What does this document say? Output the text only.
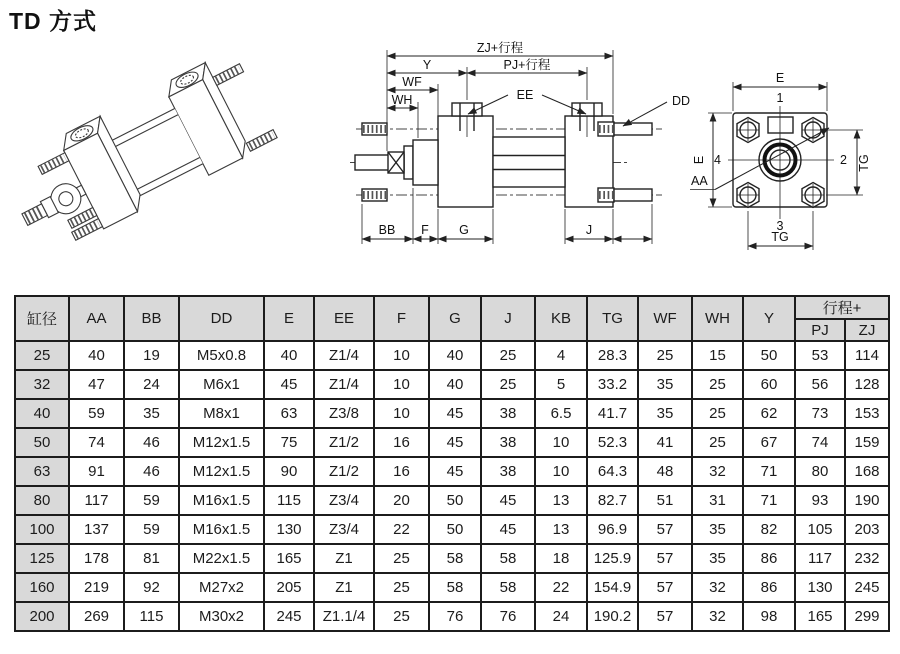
TD 方式
ZJ+行程
Y	PJ+行程
WF
WH	EE	DD
BB F G	J
E
E	TG
TG
1
2
3
4
AA
缸径	AA	BB	DD	E	EE	F	G	J	KB	TG	WF	WH	Y	行程+	
														PJ	ZJ
25	40	19	M5x0.8	40	Z1/4	10	40	25	4	28.3	25	15	50	53	114
32	47	24	M6x1	45	Z1/4	10	40	25	5	33.2	35	25	60	56	128
40	59	35	M8x1	63	Z3/8	10	45	38	6.5	41.7	35	25	62	73	153
50	74	46	M12x1.5	75	Z1/2	16	45	38	10	52.3	41	25	67	74	159
63	91	46	M12x1.5	90	Z1/2	16	45	38	10	64.3	48	32	71	80	168
80	117	59	M16x1.5	115	Z3/4	20	50	45	13	82.7	51	31	71	93	190
100	137	59	M16x1.5	130	Z3/4	22	50	45	13	96.9	57	35	82	105	203
125	178	81	M22x1.5	165	Z1	25	58	58	18	125.9	57	35	86	117	232
160	219	92	M27x2	205	Z1	25	58	58	22	154.9	57	32	86	130	245
200	269	115	M30x2	245	Z1.1/4	25	76	76	24	190.2	57	32	98	165	299
